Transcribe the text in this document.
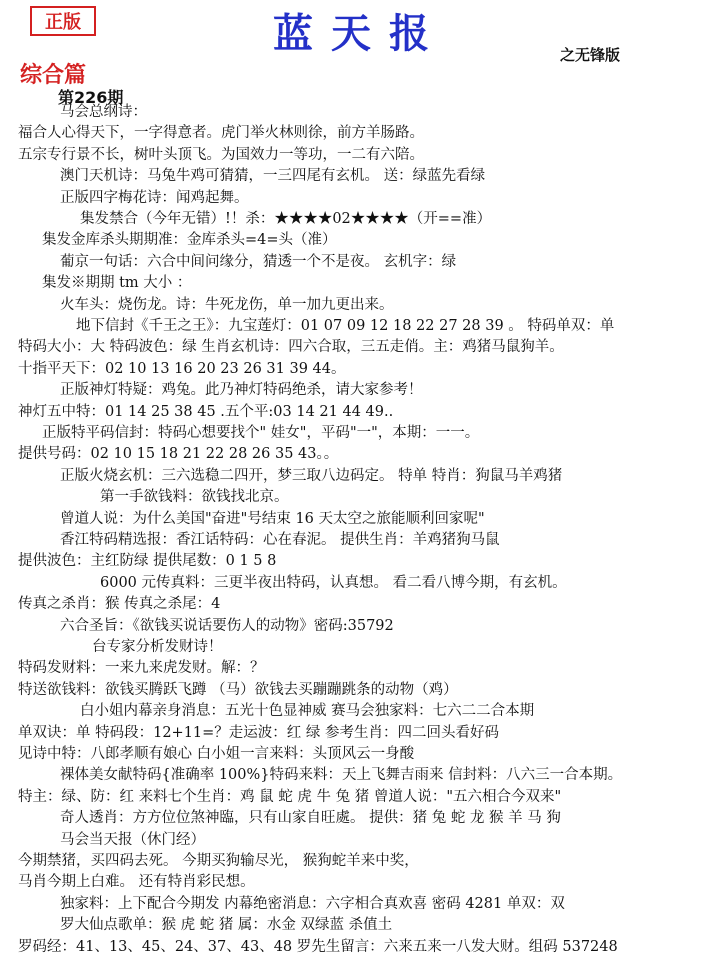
正版	蓝天报	之无锋版
综合篇
第226期
马会总纲诗：
福合人心得天下，一字得意者。虎门举火林则徐，前方羊肠路。
五宗专行景不长，树叶头顶飞。为国效力一等功，一二有六陪。
澳门天机诗：马兔牛鸡可猜猜，一三四尾有玄机。 送：绿蓝先看绿
正版四字梅花诗：闻鸡起舞。
集发禁合（今年无错）!！杀：★★★★02★★★★（开==准）
集发金库杀头期期准：金库杀头=4=头（准）
葡京一句话：六合中间问缘分，猜透一个不是夜。 玄机字：绿
集发※期期 tm 大小 ：
火车头：烧伤龙。诗：牛死龙伤，单一加九更出来。
地下信封《千王之王》：九宝莲灯：01 07 09 12 18 22 27 28 39 。 特码单双：单
特码大小：大 特码波色：绿 生肖玄机诗：四六合取，三五走俏。主：鸡猪马鼠狗羊。
十指平天下：02 10 13 16 20 23 26 31 39 44。
正版神灯特疑：鸡兔。此乃神灯特码绝杀，请大家参考！
神灯五中特：01 14 25 38 45 .五个平:03 14 21 44 49..
正版特平码信封：特码心想要找个" 娃女"，平码"一"，本期：一一。
提供号码：02 10 15 18 21 22 28 26 35 43。。
正版火烧玄机：三六选稳二四开，梦三取八边码定。 特单 特肖：狗鼠马羊鸡猪
第一手欲钱料：欲钱找北京。
曾道人说：为什么美国"奋进"号结束 16 天太空之旅能顺利回家呢"
香江特码精选报：香江话特码：心在春泥。 提供生肖：羊鸡猪狗马鼠
提供波色：主红防绿 提供尾数：0 1 5 8
6000 元传真料：三更半夜出特码，认真想。 看二看八博今期，有玄机。
传真之杀肖：猴 传真之杀尾：4
六合圣旨：《欲钱买说话要伤人的动物》密码:35792
台专家分析发财诗！
特码发财料：一来九来虎发财。解：？
特送欲钱料：欲钱买腾跃飞蹲 （马）欲钱去买蹦蹦跳条的动物（鸡）
白小姐内幕亲身消息：五光十色显神威 赛马会独家料：七六二二合本期
单双诀：单 特码段：12+11=？走运波：红 绿 参考生肖：四二回头看好码
见诗中特：八郎孝顺有娘心 白小姐一言来料：头顶风云一身酸
裸体美女献特码{准确率 100%}特码来料：天上飞舞吉雨来 信封料：八六三一合本期。
特主：绿、防：红 来料七个生肖：鸡 鼠 蛇 虎 牛 兔 猪 曾道人说："五六相合今双来"
奇人透肖：方方位位煞神臨，只有山家自旺處。 提供：猪 兔 蛇 龙 猴 羊 马 狗
马会当天报（休门经）
今期禁猪，买四码去死。 今期买狗输尽光， 猴狗蛇羊来中奖，
马肖今期上白难。 还有特肖彩民想。
独家料：上下配合今期发 内幕绝密消息：六字相合真欢喜 密码 4281 单双：双
罗大仙点歌单：猴 虎 蛇 猪 属：水金 双绿蓝 杀值土
罗码经：41、13、45、24、37、43、48 罗先生留言：六来五来一八发大财。组码 537248
